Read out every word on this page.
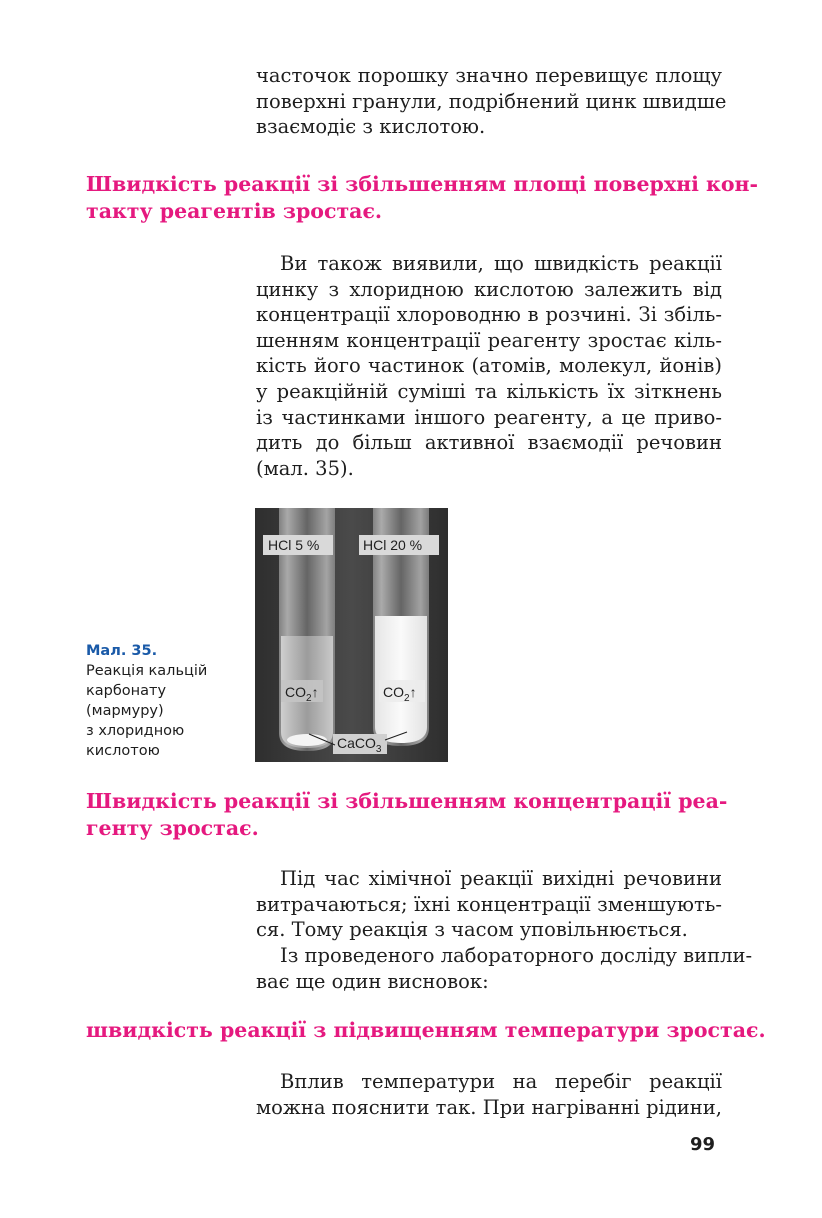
часточок порошку значно перевищує площу
поверхні гранули, подрібнений цинк швидше
взаємодіє з кислотою.
Швидкість реакції зі збільшенням площі поверхні кон-
такту реагентів зростає.
Ви також виявили, що швидкість реакції
цинку з хлоридною кислотою залежить від
концентрації хлороводню в розчині. Зі збіль-
шенням концентрації реагенту зростає кіль-
кість його частинок (атомів, молекул, йонів)
у реакційній суміші та кількість їх зіткнень
із частинками іншого реагенту, а це приво-
дить до більш активної взаємодії речовин
(мал. 35).
HCl 5 %	HCl 20 %
$CO_2↑$	$CO_2↑$
CaCO$_3$
Мал. 35.
Реакція кальцій
карбонату
(мармуру)
з хлоридною
кислотою
Швидкість реакції зі збільшенням концентрації реа-
генту зростає.
Під час хімічної реакції вихідні речовини
витрачаються; їхні концентрації зменшують-
ся. Тому реакція з часом уповільнюється.
Із проведеного лабораторного досліду випли-
ває ще один висновок:
швидкість реакції з підвищенням температури зростає.
Вплив температури на перебіг реакції
можна пояснити так. При нагріванні рідини,
99
